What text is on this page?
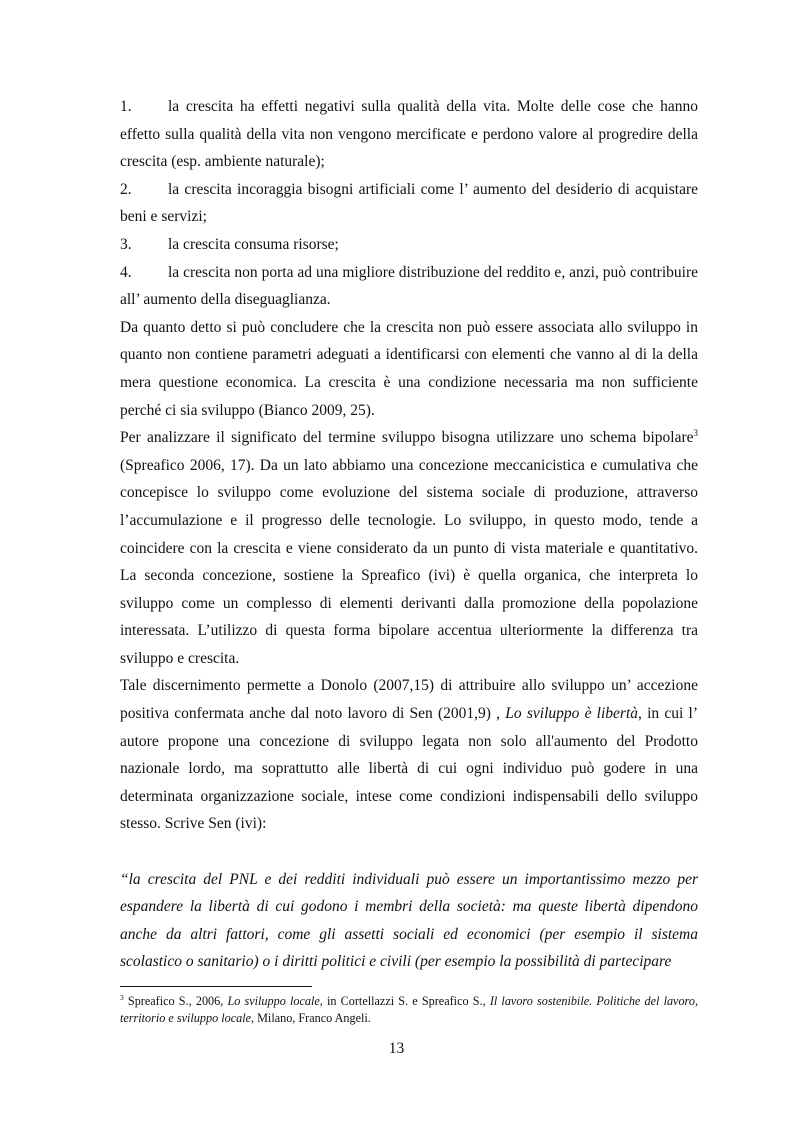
1. la crescita ha effetti negativi sulla qualità della vita. Molte delle cose che hanno effetto sulla qualità della vita non vengono mercificate e perdono valore al progredire della crescita (esp. ambiente naturale);

2. la crescita incoraggia bisogni artificiali come l’ aumento del desiderio di acquistare beni e servizi;

3. la crescita consuma risorse;

4. la crescita non porta ad una migliore distribuzione del reddito e, anzi, può contribuire all’ aumento della diseguaglianza.

Da quanto detto si può concludere che la crescita non può essere associata allo sviluppo in quanto non contiene parametri adeguati a identificarsi con elementi che vanno al di la della mera questione economica. La crescita è una condizione necessaria ma non sufficiente perché ci sia sviluppo (Bianco 2009, 25).

Per analizzare il significato del termine sviluppo bisogna utilizzare uno schema bipolare$^3$ (Spreafico 2006, 17). Da un lato abbiamo una concezione meccanicistica e cumulativa che concepisce lo sviluppo come evoluzione del sistema sociale di produzione, attraverso l’accumulazione e il progresso delle tecnologie. Lo sviluppo, in questo modo, tende a coincidere con la crescita e viene considerato da un punto di vista materiale e quantitativo. La seconda concezione, sostiene la Spreafico (ivi) è quella organica, che interpreta lo sviluppo come un complesso di elementi derivanti dalla promozione della popolazione interessata. L’utilizzo di questa forma bipolare accentua ulteriormente la differenza tra sviluppo e crescita.

Tale discernimento permette a Donolo (2007,15) di attribuire allo sviluppo un’ accezione positiva confermata anche dal noto lavoro di Sen (2001,9) , Lo sviluppo è libertà, in cui l’ autore propone una concezione di sviluppo legata non solo all'aumento del Prodotto nazionale lordo, ma soprattutto alle libertà di cui ogni individuo può godere in una determinata organizzazione sociale, intese come condizioni indispensabili dello sviluppo stesso. Scrive Sen (ivi):

“la crescita del PNL e dei redditi individuali può essere un importantissimo mezzo per espandere la libertà di cui godono i membri della società: ma queste libertà dipendono anche da altri fattori, come gli assetti sociali ed economici (per esempio il sistema scolastico o sanitario) o i diritti politici e civili (per esempio la possibilità di partecipare

$^3$ Spreafico S., 2006, Lo sviluppo locale, in Cortellazzi S. e Spreafico S., Il lavoro sostenibile. Politiche del lavoro, territorio e sviluppo locale, Milano, Franco Angeli.

13
